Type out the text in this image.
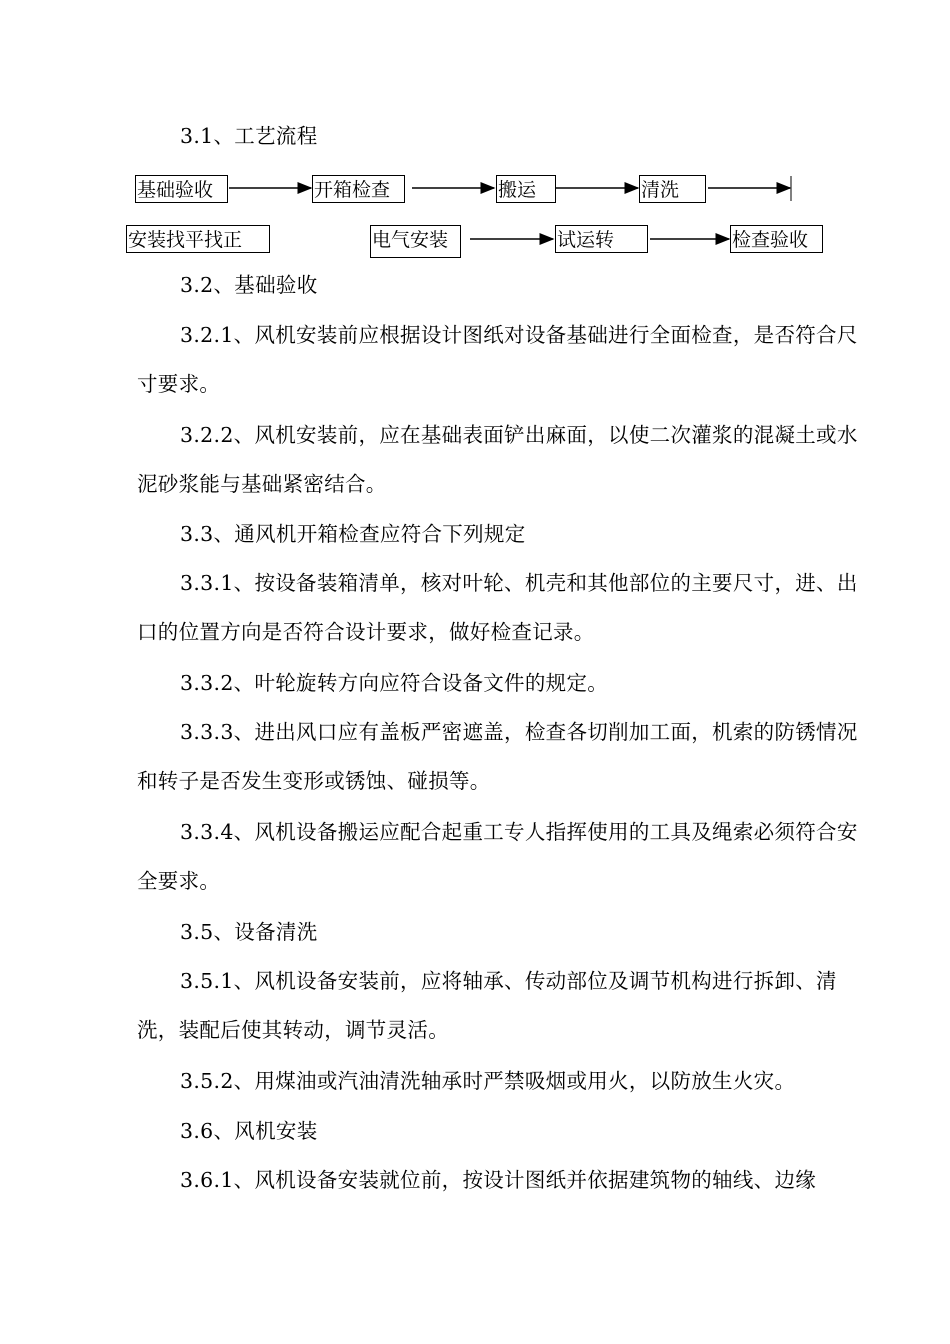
3.1、工艺流程
基础验收	开箱检查	搬运	清洗
安装找平找正	电气安装	试运转	检查验收

3.2、基础验收

3.2.1、风机安装前应根据设计图纸对设备基础进行全面检查，是否符合尺寸要求。

3.2.2、风机安装前，应在基础表面铲出麻面，以使二次灌浆的混凝土或水泥砂浆能与基础紧密结合。

3.3、通风机开箱检查应符合下列规定

3.3.1、按设备装箱清单，核对叶轮、机壳和其他部位的主要尺寸，进、出口的位置方向是否符合设计要求，做好检查记录。

3.3.2、叶轮旋转方向应符合设备文件的规定。

3.3.3、进出风口应有盖板严密遮盖，检查各切削加工面，机索的防锈情况和转子是否发生变形或锈蚀、碰损等。

3.3.4、风机设备搬运应配合起重工专人指挥使用的工具及绳索必须符合安全要求。

3.5、设备清洗

3.5.1、风机设备安装前，应将轴承、传动部位及调节机构进行拆卸、清洗，装配后使其转动，调节灵活。

3.5.2、用煤油或汽油清洗轴承时严禁吸烟或用火，以防放生火灾。

3.6、风机安装

3.6.1、风机设备安装就位前，按设计图纸并依据建筑物的轴线、边缘
